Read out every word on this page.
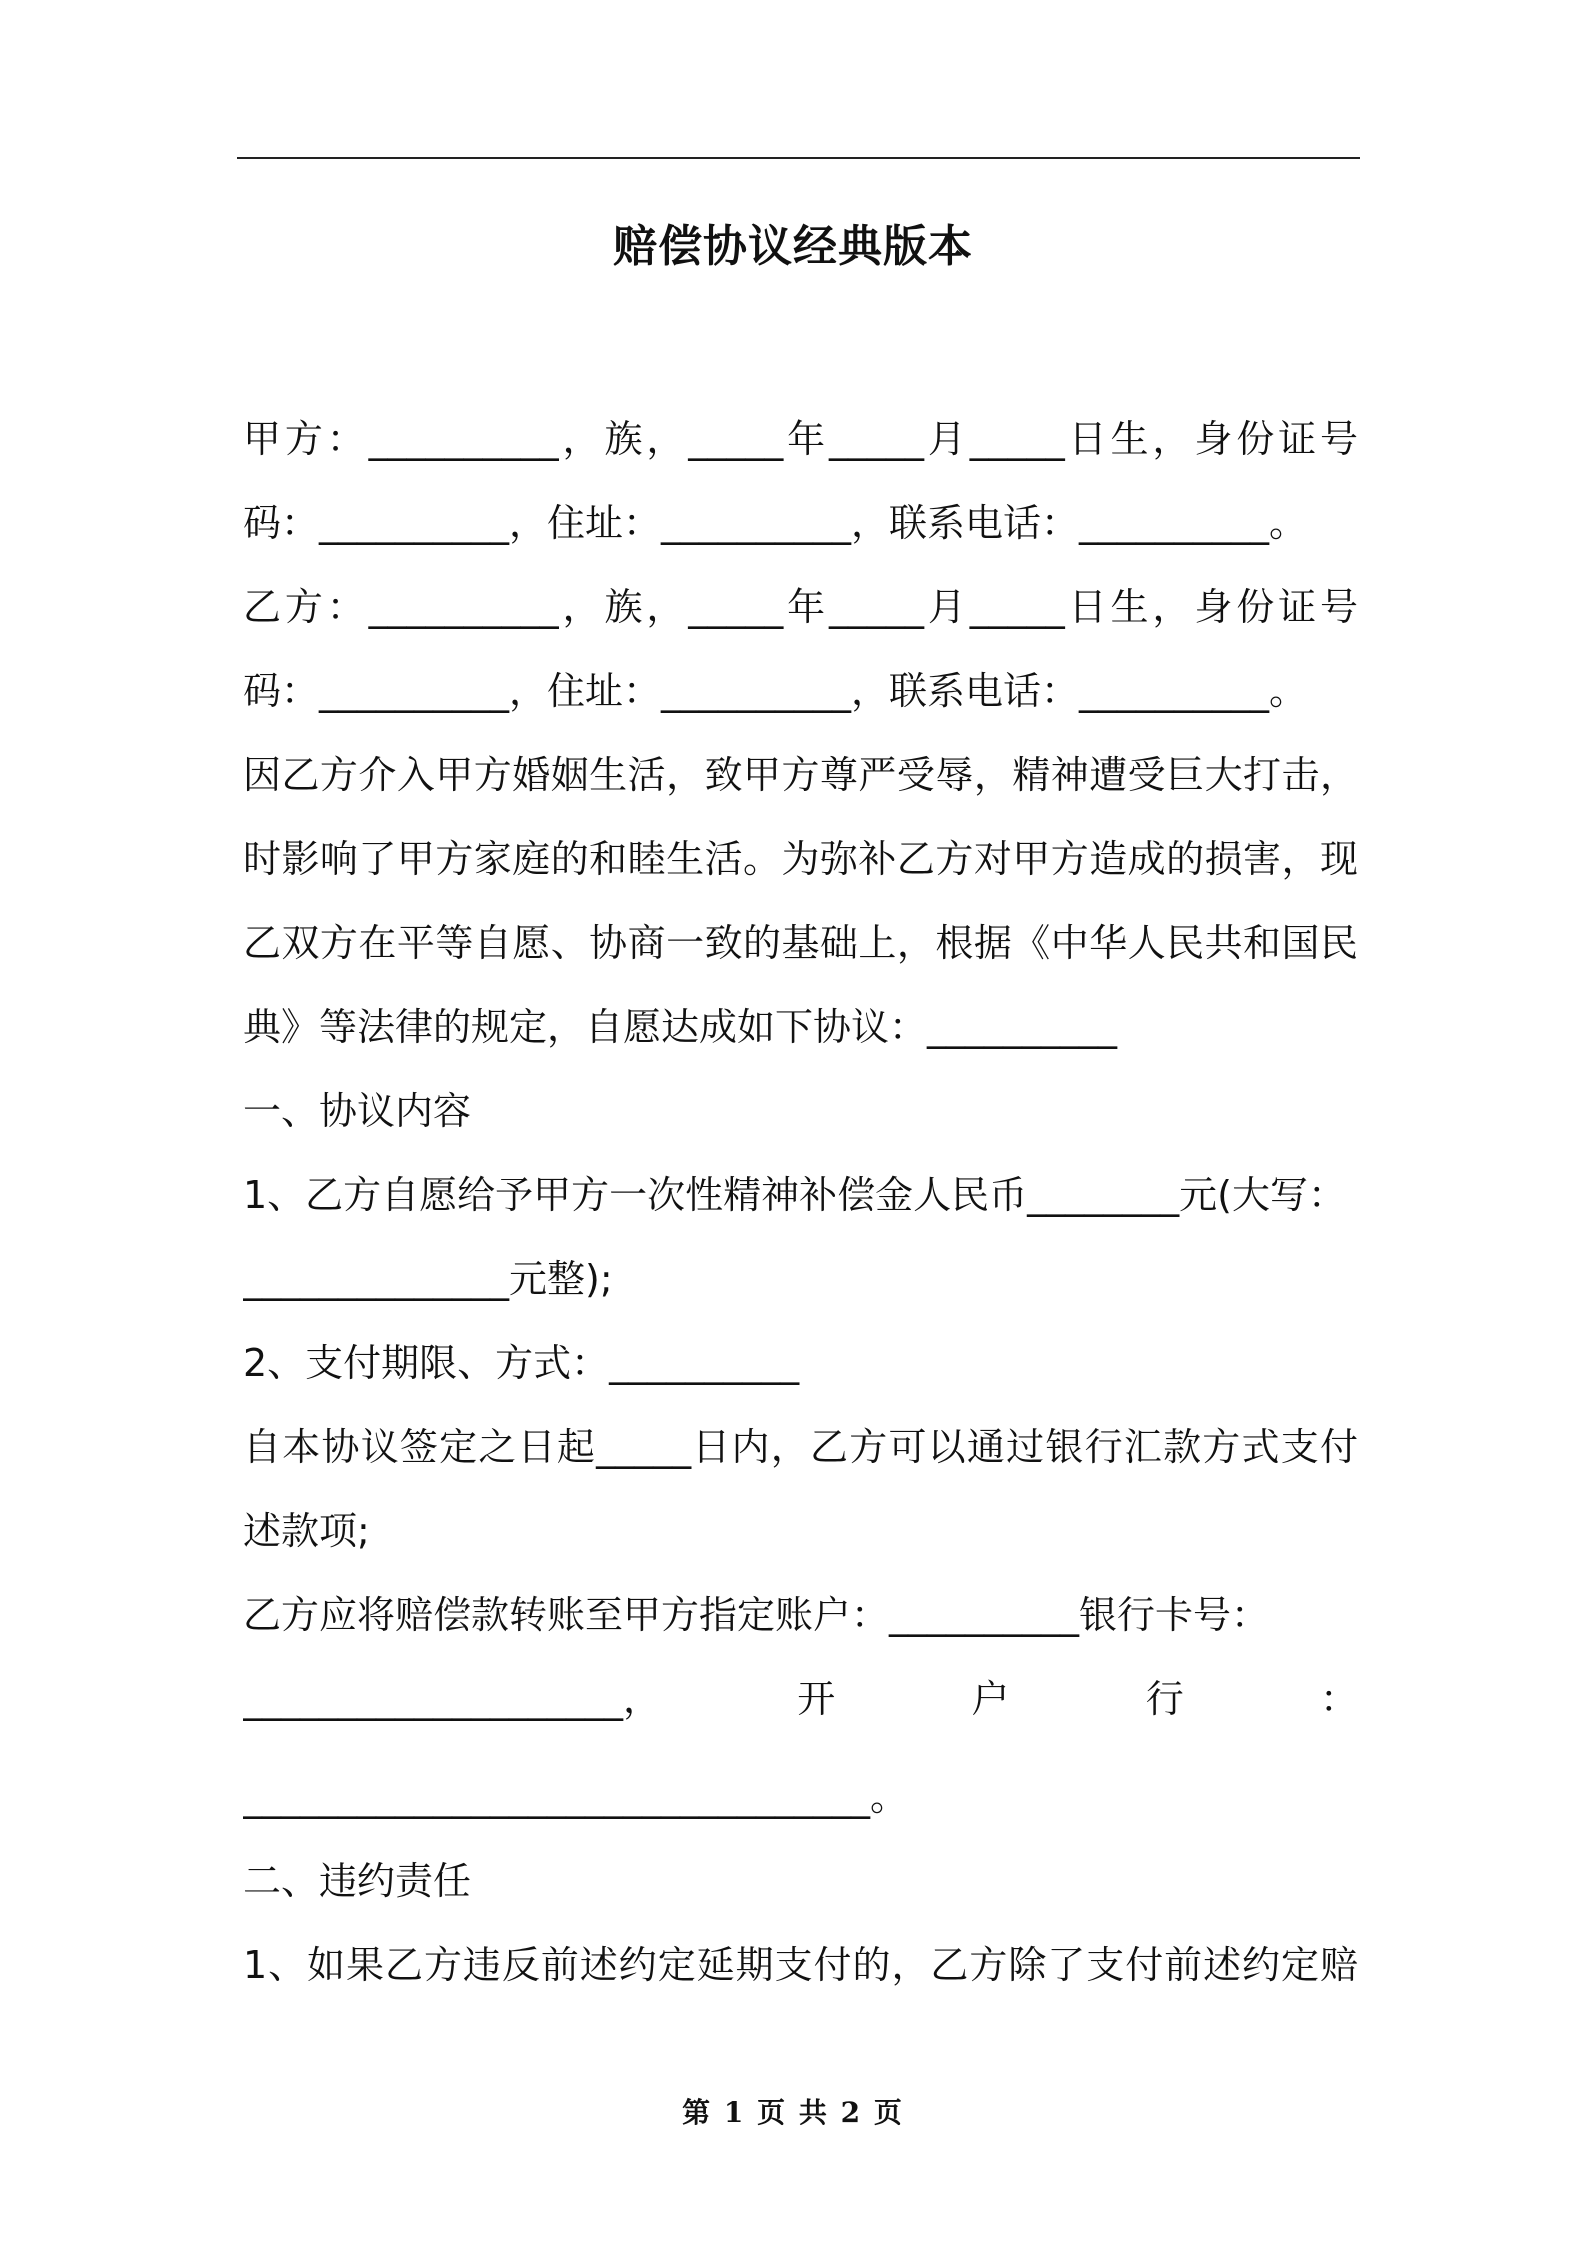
赔偿协议经典版本
甲方：__________，族，_____年_____月_____日生，身份证号
码：__________，住址：__________，联系电话：__________。
乙方：__________，族，_____年_____月_____日生，身份证号
码：__________，住址：__________，联系电话：__________。
因乙方介入甲方婚姻生活，致甲方尊严受辱，精神遭受巨大打击，
时影响了甲方家庭的和睦生活。为弥补乙方对甲方造成的损害，现
乙双方在平等自愿、协商一致的基础上，根据《中华人民共和国民
典》等法律的规定，自愿达成如下协议：__________
一、协议内容
1、乙方自愿给予甲方一次性精神补偿金人民币________元(大写：
______________元整);
2、支付期限、方式：__________
自本协议签定之日起_____日内，乙方可以通过银行汇款方式支付
述款项;
乙方应将赔偿款转账至甲方指定账户：__________银行卡号：
____________________，	开	户	行	：
_________________________________。
二、违约责任
1、如果乙方违反前述约定延期支付的，乙方除了支付前述约定赔
第 1 页 共 2 页
